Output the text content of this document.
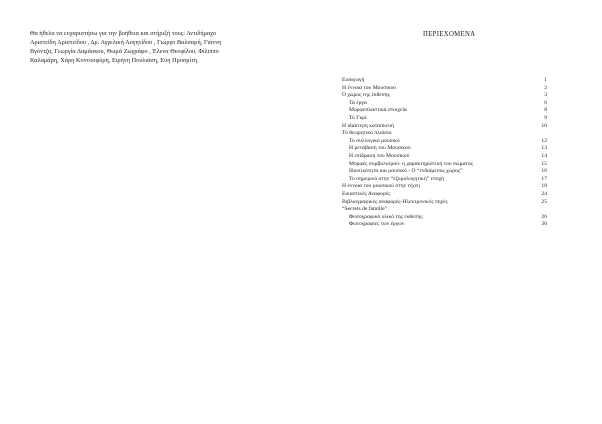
Θα ήθελα να ευχαριστήσω για την βοήθεια και στήριξή τους: Αντιδήμαχο
Αριστείδη Αριστείδου , Δρ. Αγγελική Αυγητίδου , Γιώργο Βαλσαμή, Γιάννη
Βγόντζα, Γεωργία Δαμάσκου, Θωμά Ζωγράφο , Έλενα Θεοφίλου, Φίλιππο
Καλαμάρη, Χάρη Κοντοσφύρη, Ειρήνη Πουλιάση, Εύη Προσμίτη.
ΠΕΡΙΕΧΟΜΕΝΑ
Εισαγωγή	1
Η έννοια του Μουσικού	2
Ο χώρος της έκθεσης	3
Τα έργα	6
Μορφοπλαστικά στοιχεία	8
Το Γκρί	9
Η ιδιαίτερη κατασκευή	10
Το θεωρητικό πλαίσιο
Το συλλογικό μουσικό	12
Η μετάβαση του Μουσικού	13
Η επίδραση του Μουσικού	14
Μορφές συμβολισμού- η χαρακτηρίστική του σώματος	15
Ιδιωτικότητα και μουσικό - Ο “ενδιάμεσος χώρος”	16
Το σημερινό στην “εξομολογητική” εποχή	17
Η έννοια του μουσικού στην τέχνη	18
Εικαστικές Αναφορές	24
Βιβλιογραφικές αναφορές-Ηλεκτρονικές πηγές	25
“Secrets de famille”
Φωτογραφικό υλικό της έκθεσης	26
Φωτογραφίες των έργων	30
